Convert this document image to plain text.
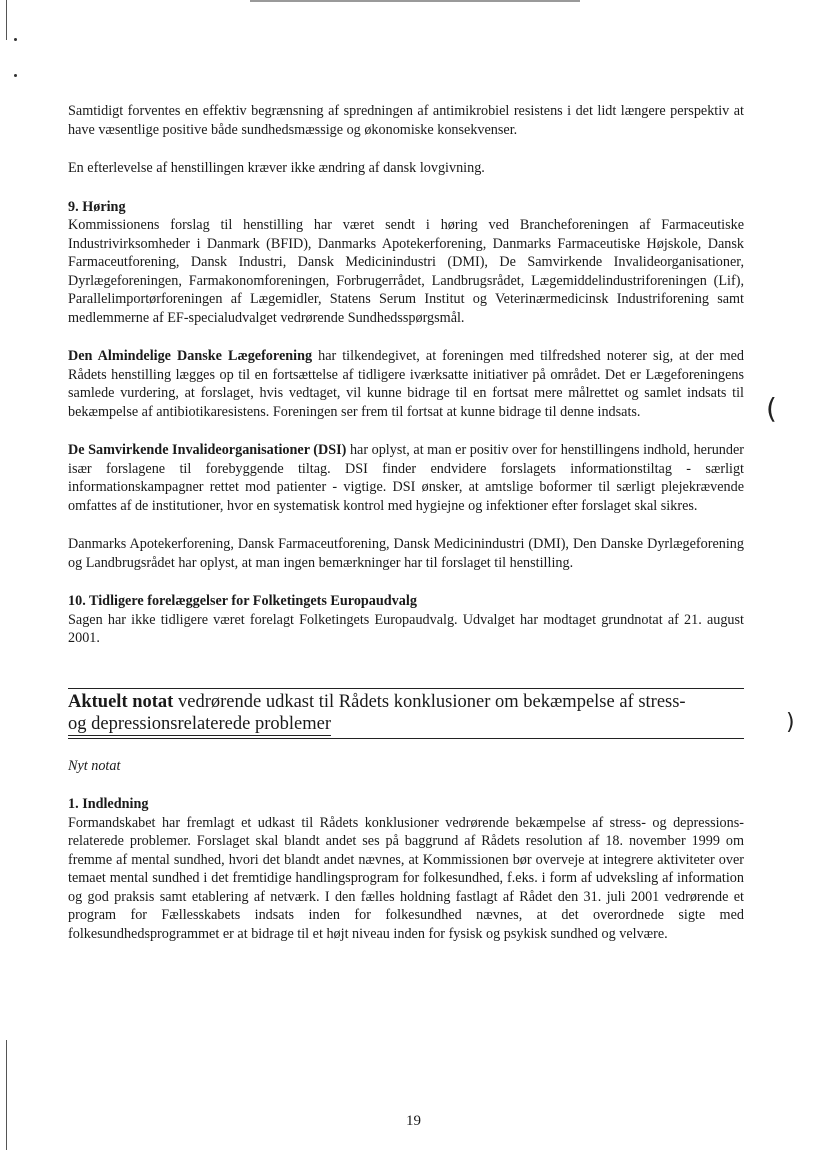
Samtidigt forventes en effektiv begrænsning af spredningen af antimikrobiel resistens i det lidt længere perspektiv at have væsentlige positive både sundhedsmæssige og økonomiske konsekvenser.

En efterlevelse af henstillingen kræver ikke ændring af dansk lovgivning.

9. Høring

Kommissionens forslag til henstilling har været sendt i høring ved Brancheforeningen af Farmaceutiske Industrivirksomheder i Danmark (BFID), Danmarks Apotekerforening, Danmarks Farmaceutiske Højskole, Dansk Farmaceutforening, Dansk Industri, Dansk Medicinindustri (DMI), De Samvirkende Invalideorganisationer, Dyrlægeforeningen, Farmakonomforeningen, Forbrugerrådet, Landbrugsrådet, Lægemiddelindustriforeningen (Lif), Parallelimportørforeningen af Lægemidler, Statens Serum Institut og Veterinærmedicinsk Industriforening samt medlemmerne af EF-specialudvalget vedrørende Sundhedsspørgsmål.

Den Almindelige Danske Lægeforening har tilkendegivet, at foreningen med tilfredshed noterer sig, at der med Rådets henstilling lægges op til en fortsættelse af tidligere iværksatte initiativer på området. Det er Lægeforeningens samlede vurdering, at forslaget, hvis vedtaget, vil kunne bidrage til en fortsat mere målrettet og samlet indsats til bekæmpelse af antibiotikaresistens. Foreningen ser frem til fortsat at kunne bidrage til denne indsats.

De Samvirkende Invalideorganisationer (DSI) har oplyst, at man er positiv over for henstillingens indhold, herunder især forslagene til forebyggende tiltag. DSI finder endvidere forslagets informationstiltag - særligt informationskampagner rettet mod patienter - vigtige. DSI ønsker, at amtslige boformer til særligt plejekrævende omfattes af de institutioner, hvor en systematisk kontrol med hygiejne og infektioner efter forslaget skal sikres.

Danmarks Apotekerforening, Dansk Farmaceutforening, Dansk Medicinindustri (DMI), Den Danske Dyrlægeforening og Landbrugsrådet har oplyst, at man ingen bemærkninger har til forslaget til henstilling.

10. Tidligere forelæggelser for Folketingets Europaudvalg

Sagen har ikke tidligere været forelagt Folketingets Europaudvalg. Udvalget har modtaget grundnotat af 21. august 2001.

Aktuelt notat vedrørende udkast til Rådets konklusioner om bekæmpelse af stress-
og depressionsrelaterede problemer

Nyt notat

1. Indledning

Formandskabet har fremlagt et udkast til Rådets konklusioner vedrørende bekæmpelse af stress- og depressions-relaterede problemer. Forslaget skal blandt andet ses på baggrund af Rådets resolution af 18. november 1999 om fremme af mental sundhed, hvori det blandt andet nævnes, at Kommissionen bør overveje at integrere aktiviteter over temaet mental sundhed i det fremtidige handlingsprogram for folkesundhed, f.eks. i form af udveksling af information og god praksis samt etablering af netværk. I den fælles holdning fastlagt af Rådet den 31. juli 2001 vedrørende et program for Fællesskabets indsats inden for folkesundhed nævnes, at det overordnede sigte med folkesundhedsprogrammet er at bidrage til et højt niveau inden for fysisk og psykisk sundhed og velvære.

(
)
19
